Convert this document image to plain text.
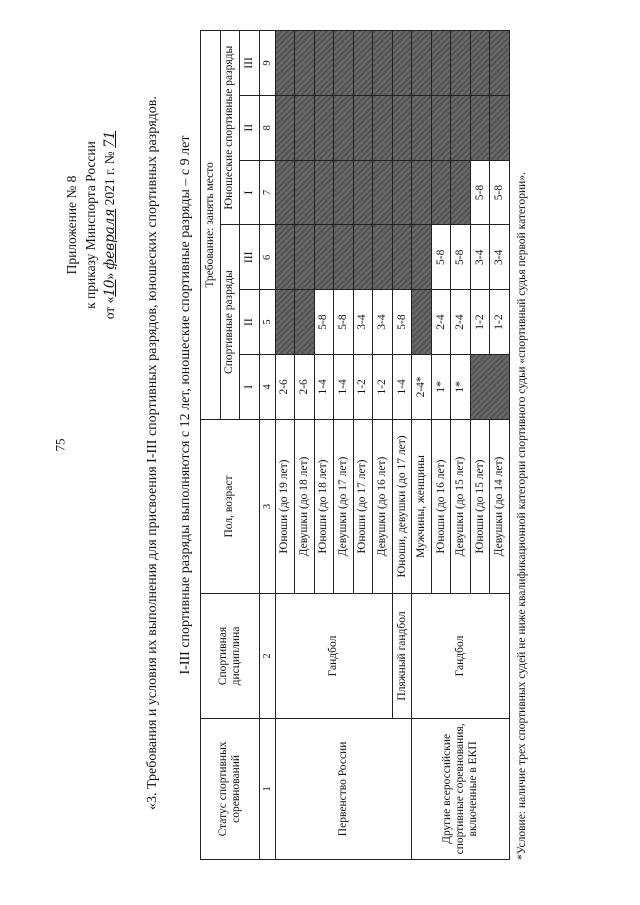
75
Приложение № 8 к приказу Минспорта России от «10» февраля 2021 г. № 71 «3. Требования и условия их выполнения для присвоения I-III спортивных разрядов, юношеских спортивных разрядов. I-III спортивные разряды выполняются с 12 лет, юношеские спортивные разряды – с 9 лет
Статус спортивных соревнований	Спортивная дисциплина	Пол, возраст	Требование: занять место					
			Спортивные разряды			Юношеские спортивные разряды		
			I	II	III	I	II	III
1	2	3	4	5	6	7	8	9
Первенство России	Гандбол	Юноши (до 19 лет)	2-6					
		Девушки (до 18 лет)	2-6					
		Юноши (до 18 лет)	1-4	5-8				
		Девушки (до 17 лет)	1-4	5-8				
		Юноши (до 17 лет)	1-2	3-4				
		Девушки (до 16 лет)	1-2	3-4				
	Пляжный гандбол	Юноши, девушки (до 17 лет)	1-4	5-8				
Другие всероссийские спортивные соревнования, включенные в ЕКП	Гандбол	Мужчины, женщины	2-4*					
		Юноши (до 16 лет)	1*	2-4	5-8			
		Девушки (до 15 лет)	1*	2-4	5-8			
		Юноши (до 15 лет)		1-2	3-4	5-8		
		Девушки (до 14 лет)		1-2	3-4	5-8		*Условие: наличие трех спортивных судей не ниже квалификационной категории спортивного судьи «спортивный судья первой категории».
